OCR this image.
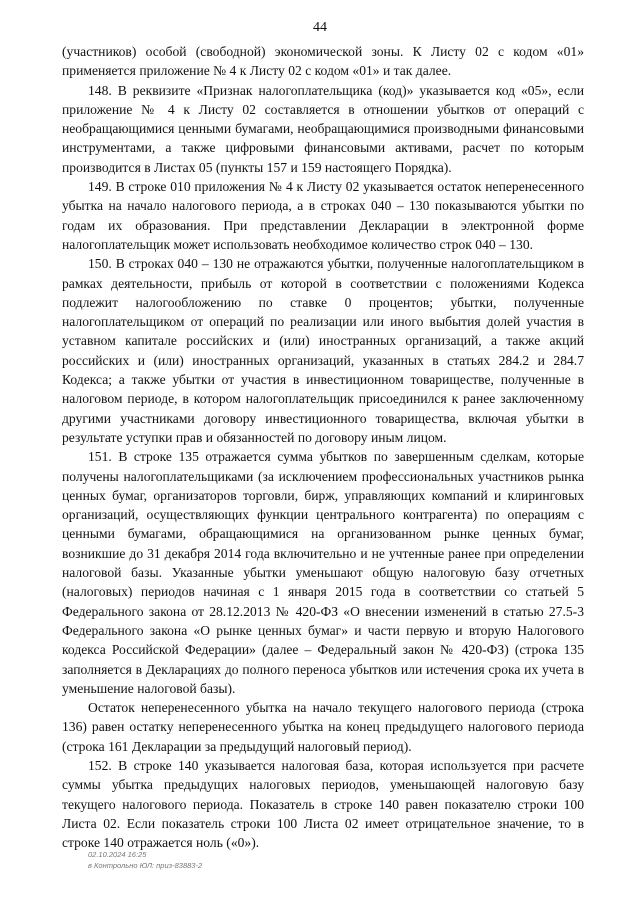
44

(участников) особой (свободной) экономической зоны. К Листу 02 с кодом «01» применяется приложение № 4 к Листу 02 с кодом «01» и так далее.

148. В реквизите «Признак налогоплательщика (код)» указывается код «05», если приложение № 4 к Листу 02 составляется в отношении убытков от операций с необращающимися ценными бумагами, необращающимися производными финансовыми инструментами, а также цифровыми финансовыми активами, расчет по которым производится в Листах 05 (пункты 157 и 159 настоящего Порядка).

149. В строке 010 приложения № 4 к Листу 02 указывается остаток неперенесенного убытка на начало налогового периода, а в строках 040 – 130 показываются убытки по годам их образования. При представлении Декларации в электронной форме налогоплательщик может использовать необходимое количество строк 040 – 130.

150. В строках 040 – 130 не отражаются убытки, полученные налогоплательщиком в рамках деятельности, прибыль от которой в соответствии с положениями Кодекса подлежит налогообложению по ставке 0 процентов; убытки, полученные налогоплательщиком от операций по реализации или иного выбытия долей участия в уставном капитале российских и (или) иностранных организаций, а также акций российских и (или) иностранных организаций, указанных в статьях 284.2 и 284.7 Кодекса; а также убытки от участия в инвестиционном товариществе, полученные в налоговом периоде, в котором налогоплательщик присоединился к ранее заключенному другими участниками договору инвестиционного товарищества, включая убытки в результате уступки прав и обязанностей по договору иным лицом.

151. В строке 135 отражается сумма убытков по завершенным сделкам, которые получены налогоплательщиками (за исключением профессиональных участников рынка ценных бумаг, организаторов торговли, бирж, управляющих компаний и клиринговых организаций, осуществляющих функции центрального контрагента) по операциям с ценными бумагами, обращающимися на организованном рынке ценных бумаг, возникшие до 31 декабря 2014 года включительно и не учтенные ранее при определении налоговой базы. Указанные убытки уменьшают общую налоговую базу отчетных (налоговых) периодов начиная с 1 января 2015 года в соответствии со статьей 5 Федерального закона от 28.12.2013 № 420-ФЗ «О внесении изменений в статью 27.5-3 Федерального закона «О рынке ценных бумаг» и части первую и вторую Налогового кодекса Российской Федерации» (далее – Федеральный закон № 420-ФЗ) (строка 135 заполняется в Декларациях до полного переноса убытков или истечения срока их учета в уменьшение налоговой базы).

Остаток неперенесенного убытка на начало текущего налогового периода (строка 136) равен остатку неперенесенного убытка на конец предыдущего налогового периода (строка 161 Декларации за предыдущий налоговый период).

152. В строке 140 указывается налоговая база, которая используется при расчете суммы убытка предыдущих налоговых периодов, уменьшающей налоговую базу текущего налогового периода. Показатель в строке 140 равен показателю строки 100 Листа 02. Если показатель строки 100 Листа 02 имеет отрицательное значение, то в строке 140 отражается ноль («0»).

02.10.2024 16:25
в Контрольно ЮЛ: приз-83883-2
